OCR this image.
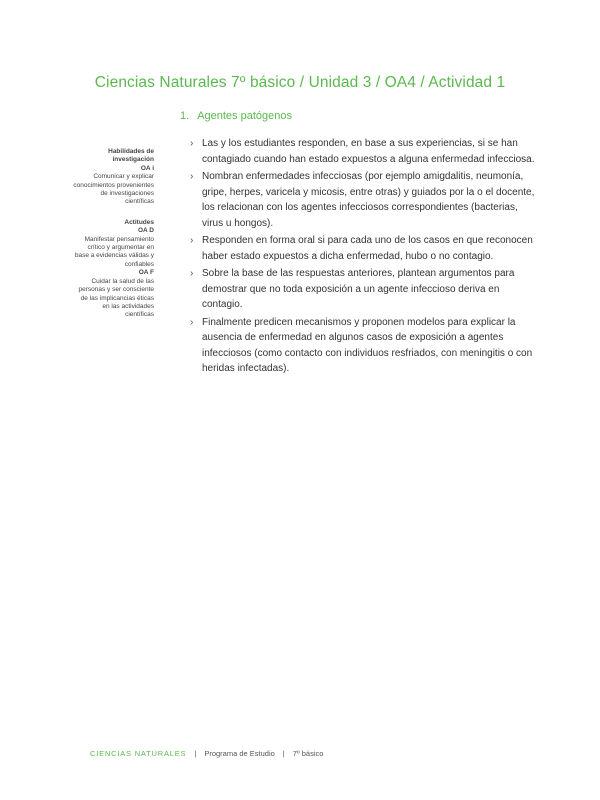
Ciencias Naturales 7º básico / Unidad 3 / OA4 / Actividad 1
1. Agentes patógenos
Habilidades de investigación
OA i
Comunicar y explicar conocimientos provenientes de investigaciones científicas
Actitudes
OA D
Manifestar pensamiento crítico y argumentar en base a evidencias válidas y confiables
OA F
Cuidar la salud de las personas y ser consciente de las implicancias éticas en las actividades científicas
› Las y los estudiantes responden, en base a sus experiencias, si se han contagiado cuando han estado expuestos a alguna enfermedad infecciosa.
› Nombran enfermedades infecciosas (por ejemplo amigdalitis, neumonía, gripe, herpes, varicela y micosis, entre otras) y guiados por la o el docente, los relacionan con los agentes infecciosos correspondientes (bacterias, virus u hongos).
› Responden en forma oral si para cada uno de los casos en que reconocen haber estado expuestos a dicha enfermedad, hubo o no contagio.
› Sobre la base de las respuestas anteriores, plantean argumentos para demostrar que no toda exposición a un agente infeccioso deriva en contagio.
› Finalmente predicen mecanismos y proponen modelos para explicar la ausencia de enfermedad en algunos casos de exposición a agentes infecciosos (como contacto con individuos resfriados, con meningitis o con heridas infectadas).
CIENCIAS NATURALES | Programa de Estudio | 7º básico
